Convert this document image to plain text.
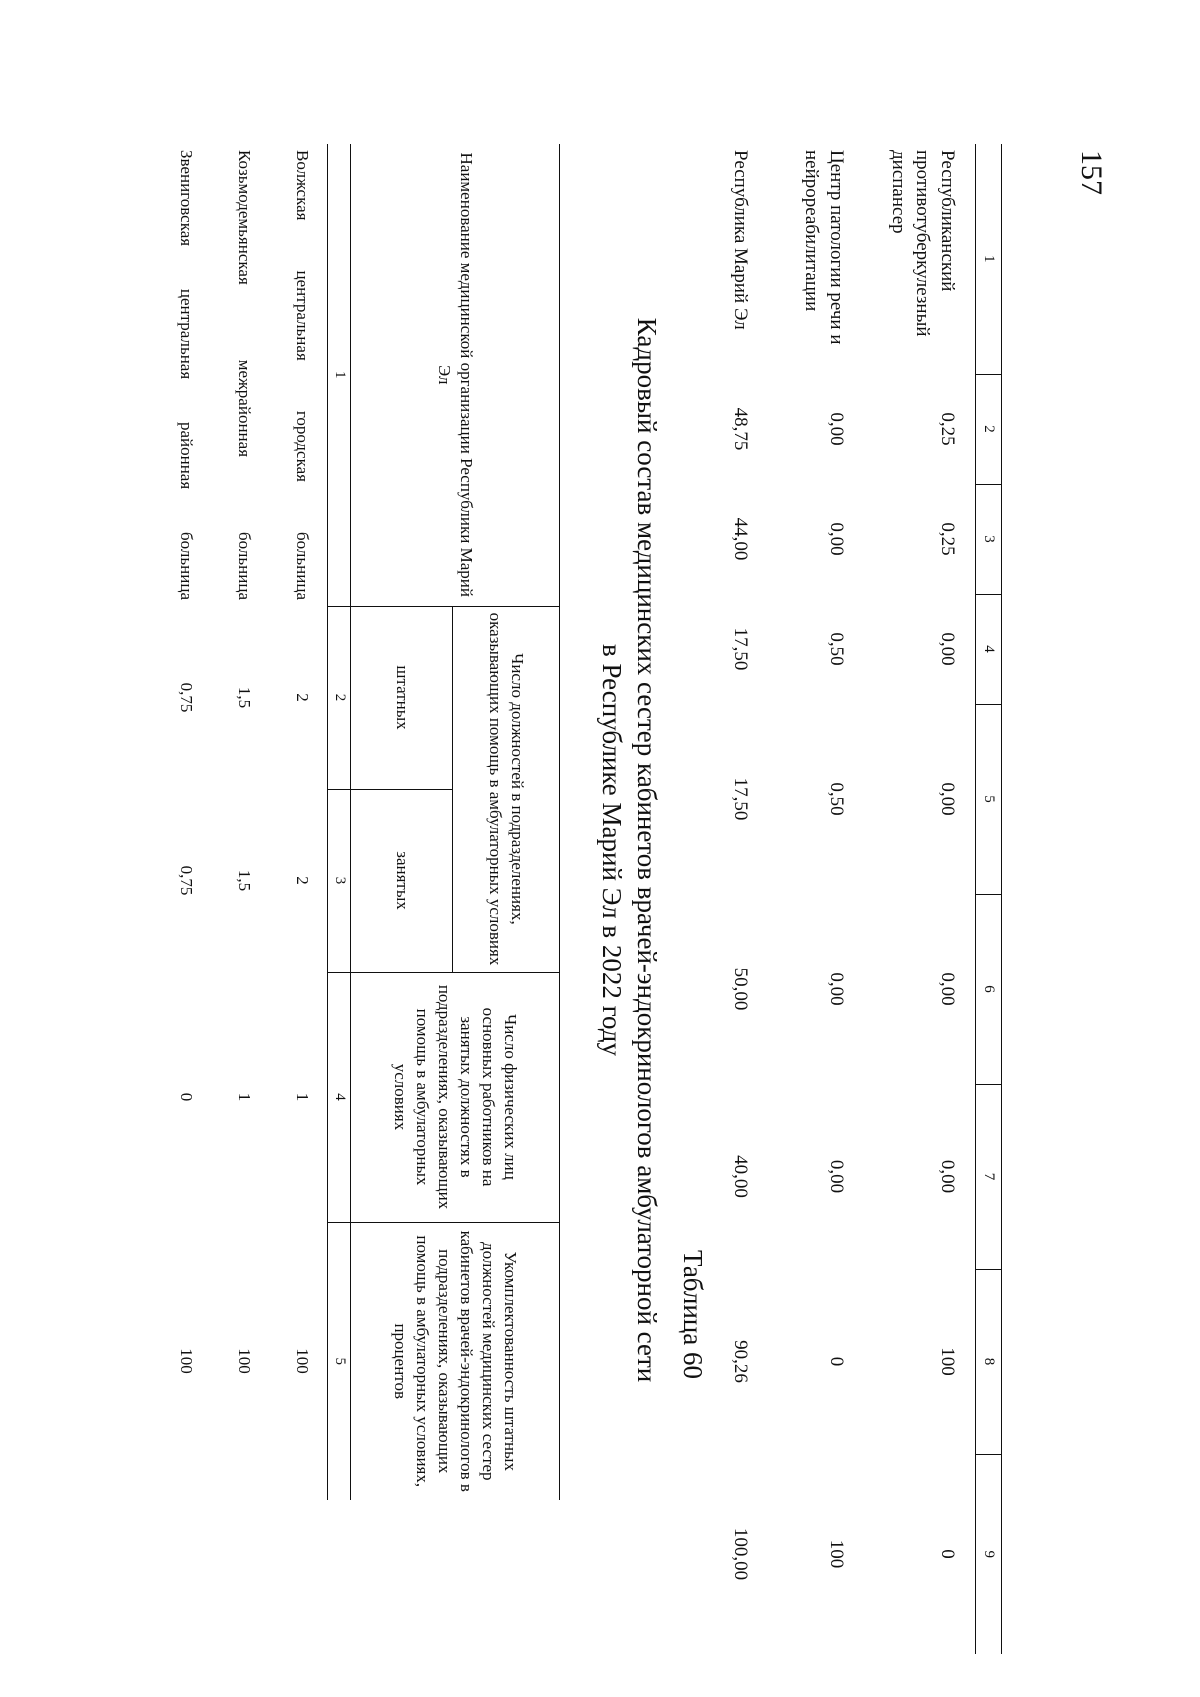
157
1	2	3	4	5	6	7	8	9
Республиканский противотуберкулезный диспансер	0,25	0,25	0,00	0,00	0,00	0,00	100	0
Центр патологии речи и нейрореабилитации	0,00	0,00	0,50	0,50	0,00	0,00	0	100
Республика Марий Эл	48,75	44,00	17,50	17,50	50,00	40,00	90,26	100,00
Таблица 60
Кадровый состав медицинских сестер кабинетов врачей-эндокринологов амбулаторной сети
в Республике Марий Эл в 2022 году
Наименование медицинской организации Республики Марий Эл	Число должностей в подразделениях, оказывающих помощь в амбулаторных условиях		Число физических лиц основных работников на занятых должностях в подразделениях, оказывающих помощь в амбулаторных условиях	Укомплектованность штатных должностей медицинских сестер кабинетов врачей-эндокринологов в подразделениях, оказывающих помощь в амбулаторных условиях, процентов
	штатных	занятых		
1	2	3	4	5
Волжская центральная городская больница	2	2	1	100
Козьмодемьянская межрайонная больница	1,5	1,5	1	100
Звениговская центральная районная больница	0,75	0,75	0	100
